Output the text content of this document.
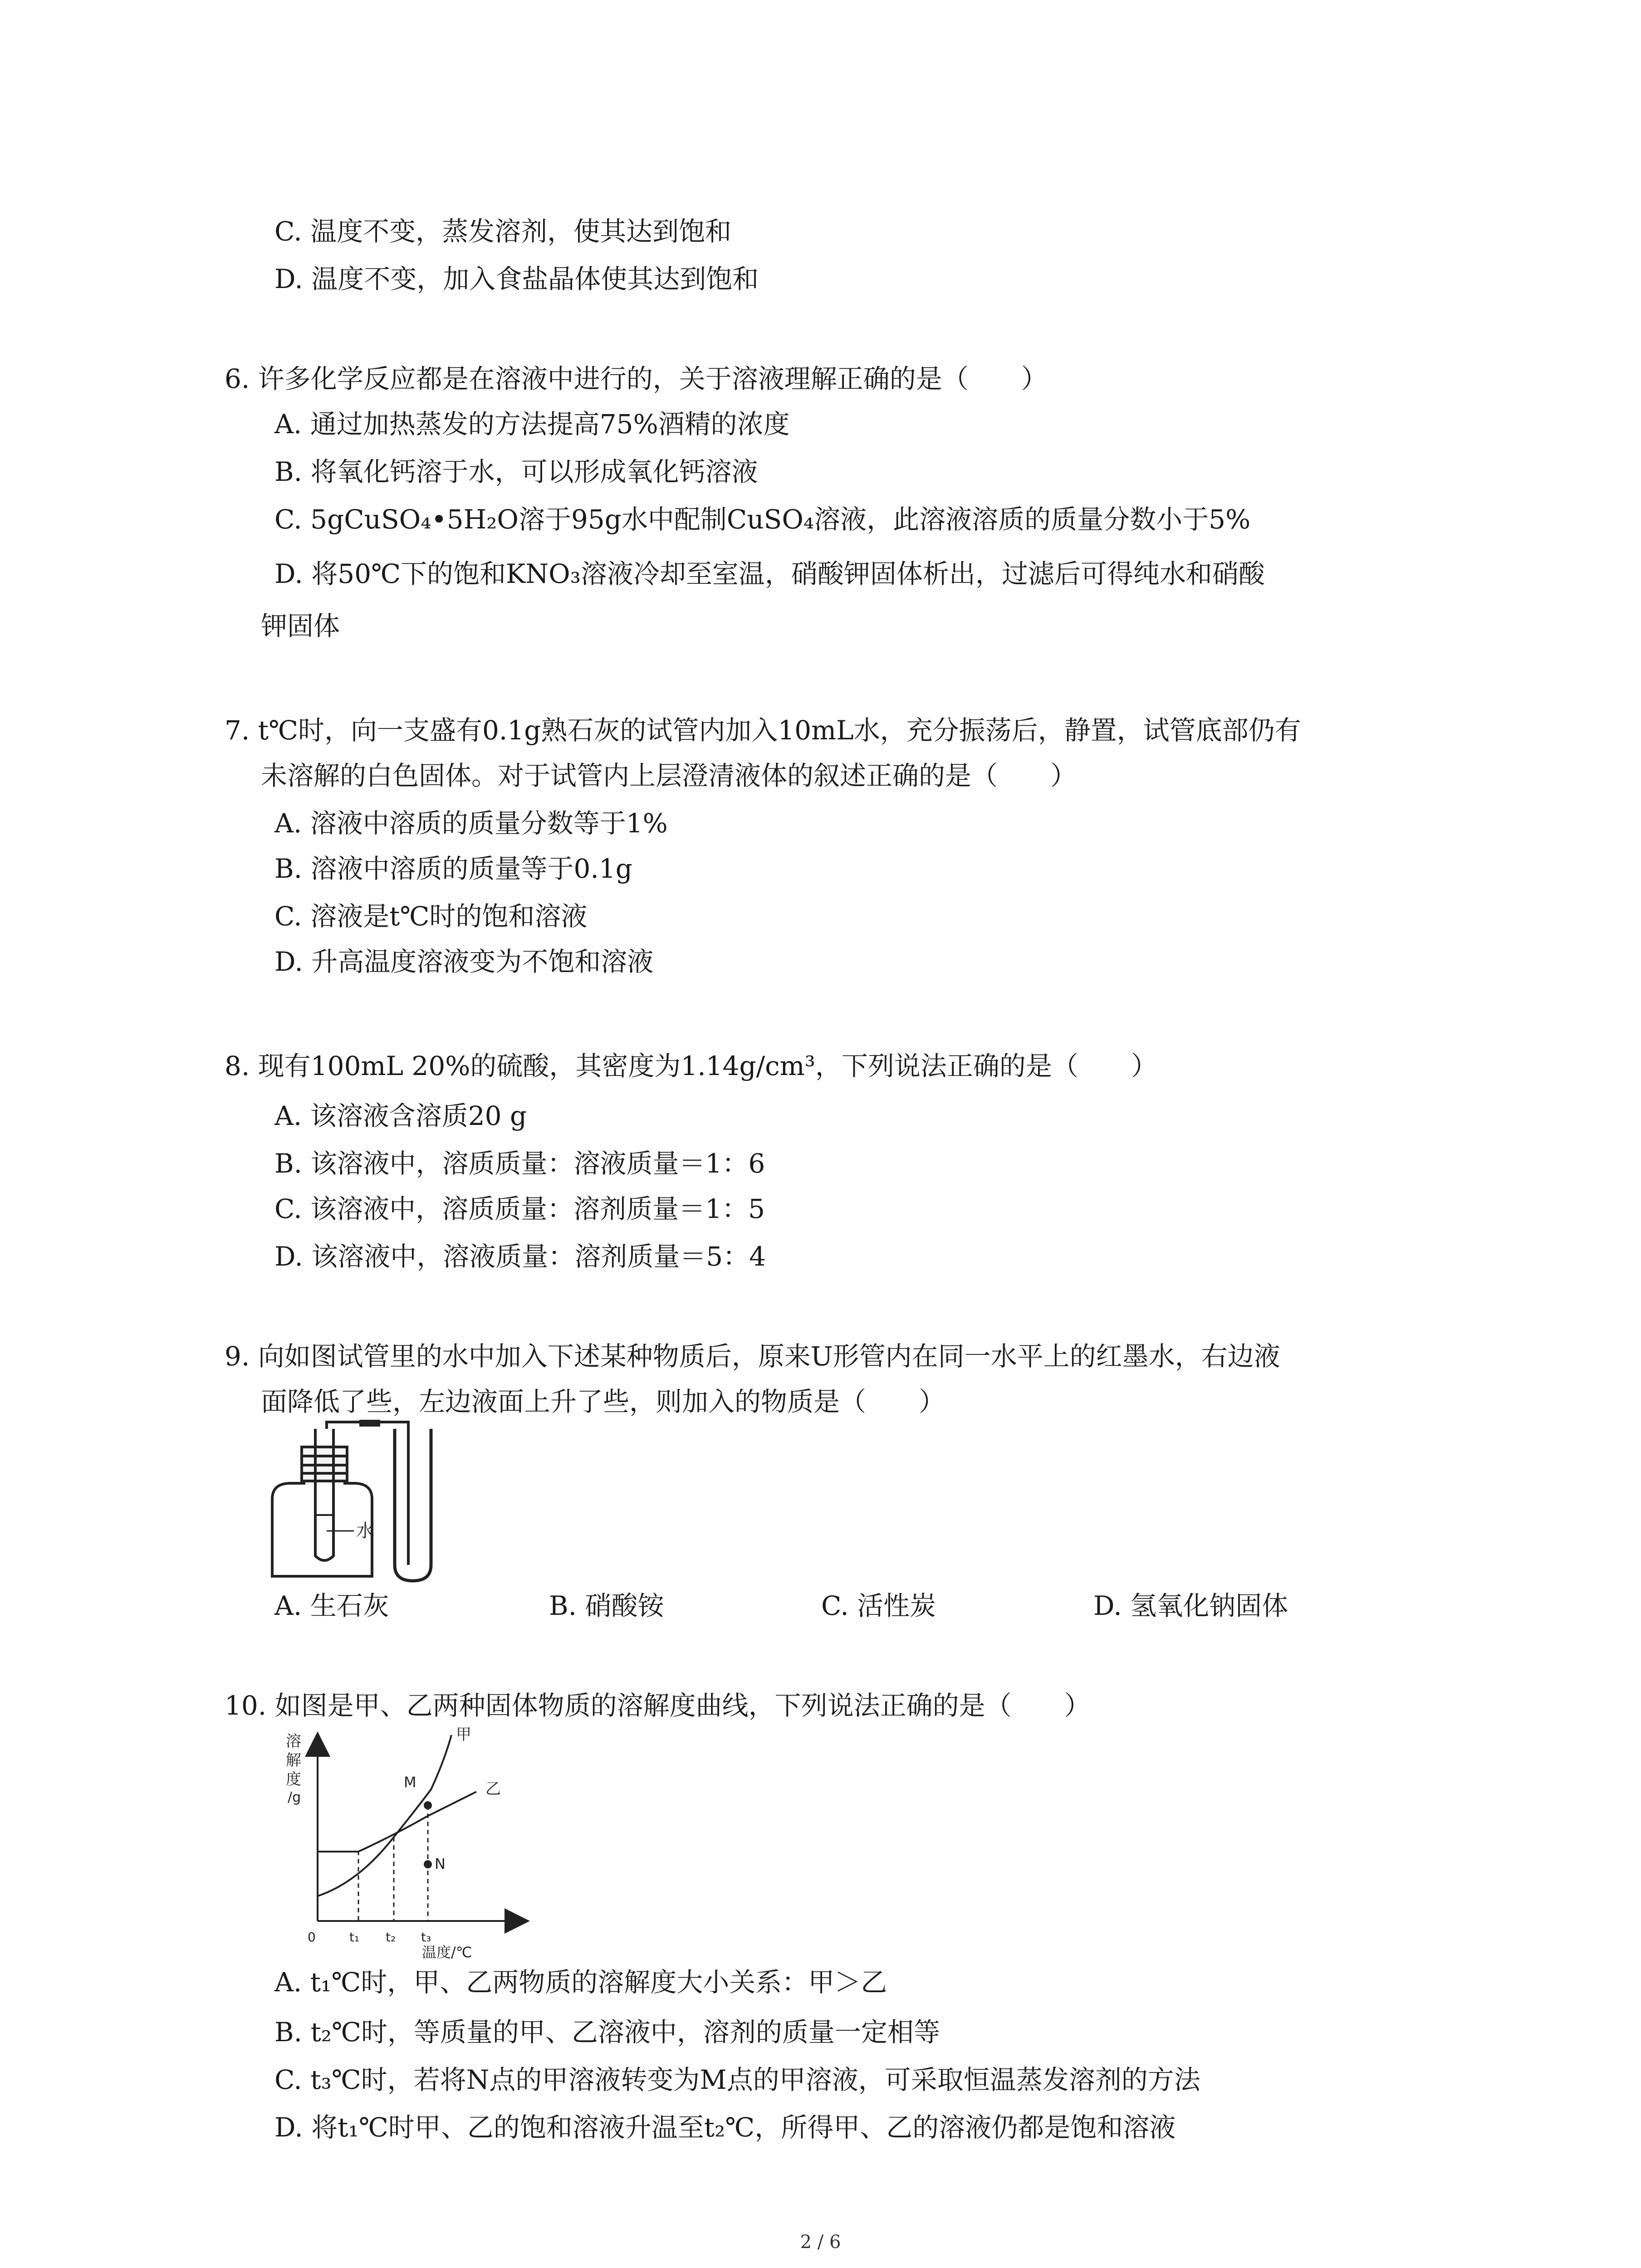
C. 温度不变，蒸发溶剂，使其达到饱和
D. 温度不变，加入食盐晶体使其达到饱和
6. 许多化学反应都是在溶液中进行的，关于溶液理解正确的是（　　）
A. 通过加热蒸发的方法提高75%酒精的浓度
B. 将氧化钙溶于水，可以形成氧化钙溶液
C. 5gCuSO₄•5H₂O溶于95g水中配制CuSO₄溶液，此溶液溶质的质量分数小于5%
D. 将50℃下的饱和KNO₃溶液冷却至室温，硝酸钾固体析出，过滤后可得纯水和硝酸
钾固体
7. t℃时，向一支盛有0.1g熟石灰的试管内加入10mL水，充分振荡后，静置，试管底部仍有
未溶解的白色固体。对于试管内上层澄清液体的叙述正确的是（　　）
A. 溶液中溶质的质量分数等于1%
B. 溶液中溶质的质量等于0.1g
C. 溶液是t℃时的饱和溶液
D. 升高温度溶液变为不饱和溶液
8. 现有100mL 20%的硫酸，其密度为1.14g/cm³，下列说法正确的是（　　）
A. 该溶液含溶质20 g
B. 该溶液中，溶质质量：溶液质量＝1：6
C. 该溶液中，溶质质量：溶剂质量＝1：5
D. 该溶液中，溶液质量：溶剂质量＝5：4
9. 向如图试管里的水中加入下述某种物质后，原来U形管内在同一水平上的红墨水，右边液
面降低了些，左边液面上升了些，则加入的物质是（　　）
水
A. 生石灰	B. 硝酸铵	C. 活性炭	D. 氢氧化钠固体
10. 如图是甲、乙两种固体物质的溶解度曲线，下列说法正确的是（　　）
溶
解
度
/g
0	t₁ t₂ t₃
温度/℃
甲
乙
M
N
A. t₁℃时，甲、乙两物质的溶解度大小关系：甲＞乙
B. t₂℃时，等质量的甲、乙溶液中，溶剂的质量一定相等
C. t₃℃时，若将N点的甲溶液转变为M点的甲溶液，可采取恒温蒸发溶剂的方法
D. 将t₁℃时甲、乙的饱和溶液升温至t₂℃，所得甲、乙的溶液仍都是饱和溶液
2 / 6
